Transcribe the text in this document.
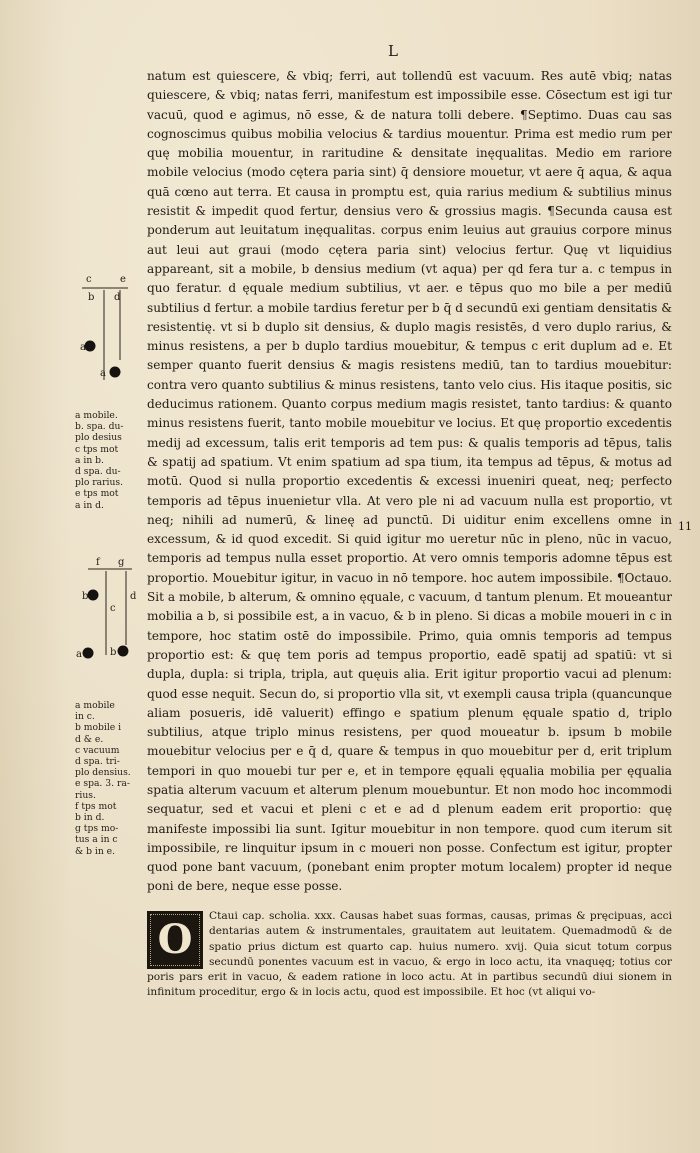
L

natum est quiescere, & vbiq; ferri, aut tollendū est vacuum. Res autē vbiq; natas quiescere, & vbiq; natas ferri, manifestum est impossibile esse. Cōsectum est igi tur vacuū, quod e agimus, nō esse, & de natura tolli debere. ¶Septimo. Duas cau sas cognoscimus quibus mobilia velocius & tardius mouentur. Prima est medio rum per quę mobilia mouentur, in raritudine & densitate inęqualitas. Medio em rariore mobile velocius (modo cętera paria sint) q̄ densiore mouetur, vt aere q̄ aqua, & aqua quā cœno aut terra. Et causa in promptu est, quia rarius medium & subtilius minus resistit & impedit quod fertur, densius vero & grossius magis. ¶Secunda causa est ponderum aut leuitatum inęqualitas. corpus enim leuius aut grauius corpore minus aut leui aut graui (modo cętera paria sint) velocius fertur. Quę vt liquidius appareant, sit a mobile, b densius medium (vt aqua) per qd fera tur a. c tempus in quo feratur. d ęquale medium subtilius, vt aer. e tēpus quo mo bile a per mediū subtilius d fertur. a mobile tardius feretur per b q̄ d secundū exi gentiam densitatis & resistentię. vt si b duplo sit densius, & duplo magis resistēs, d vero duplo rarius, & minus resistens, a per b duplo tardius mouebitur, & tempus c erit duplum ad e. Et semper quanto fuerit densius & magis resistens mediū, tan to tardius mouebitur: contra vero quanto subtilius & minus resistens, tanto velo cius. His itaque positis, sic deducimus rationem. Quanto corpus medium magis resistet, tanto tardius: & quanto minus resistens fuerit, tanto mobile mouebitur ve locius. Et quę proportio excedentis medij ad excessum, talis erit temporis ad tem pus: & qualis temporis ad tēpus, talis & spatij ad spatium. Vt enim spatium ad spa tium, ita tempus ad tēpus, & motus ad motū. Quod si nulla proportio excedentis & excessi inueniri queat, neq; perfecto temporis ad tēpus inuenietur vlla. At vero ple ni ad vacuum nulla est proportio, vt neq; nihili ad numerū, & lineę ad punctū. Di uiditur enim excellens omne in excessum, & id quod excedit. Si quid igitur mo ueretur nūc in pleno, nūc in vacuo, temporis ad tempus nulla esset proportio. At vero omnis temporis adomne tēpus est proportio. Mouebitur igitur, in vacuo in nō tempore. hoc autem impossibile. ¶Octauo. Sit a mobile, b alterum, & omnino ęquale, c vacuum, d tantum plenum. Et moueantur mobilia a b, si possibile est, a in vacuo, & b in pleno. Si dicas a mobile moueri in c in tempore, hoc statim ostē do impossibile. Primo, quia omnis temporis ad tempus proportio est: & quę tem poris ad tempus proportio, eadē spatij ad spatiū: vt si dupla, dupla: si tripla, tripla, aut quęuis alia. Erit igitur proportio vacui ad plenum: quod esse nequit. Secun do, si proportio vlla sit, vt exempli causa tripla (quancunque aliam posueris, idē valuerit) effingo e spatium plenum ęquale spatio d, triplo subtilius, atque triplo minus resistens, per quod moueatur b. ipsum b mobile mouebitur velocius per e q̄ d, quare & tempus in quo mouebitur per d, erit triplum tempori in quo mouebi tur per e, et in tempore ęquali ęqualia mobilia per ęqualia spatia alterum vacuum et alterum plenum mouebuntur. Et non modo hoc incommodi sequatur, sed et vacui et pleni c et e ad d plenum eadem erit proportio: quę manifeste impossibi lia sunt. Igitur mouebitur in non tempore. quod cum iterum sit impossibile, re linquitur ipsum in c moueri non posse. Confectum est igitur, propter quod pone bant vacuum, (ponebant enim propter motum localem) propter id neque poni de bere, neque esse posse.

11
c	e
b d
a
a
a mobile.
b. spa. du-
plo desius
c tps mot
a in b.
d spa. du-
plo rarius.
e tps mot
a in d.
f g
b
c
d
a	b
a mobile
in c.
b mobile i
d & e.
c vacuum
d spa. tri-
plo densius.
e spa. 3. ra-
rius.
f tps mot
b in d.
g tps mo-
tus a in c
& b in e.
O
Ctaui cap. scholia. xxx. Causas habet suas formas, causas, primas & pręcipuas, acci dentarias autem & instrumentales, grauitatem aut leuitatem. Quemadmodū & de spatio prius dictum est quarto cap. huius numero. xvij. Quia sicut totum corpus secundū ponentes vacuum est in vacuo, & ergo in loco actu, ita vnaquęq; totius cor poris pars erit in vacuo, & eadem ratione in loco actu. At in partibus secundū diui sionem in infinitum proceditur, ergo & in locis actu, quod est impossibile. Et hoc (vt aliqui vo-
